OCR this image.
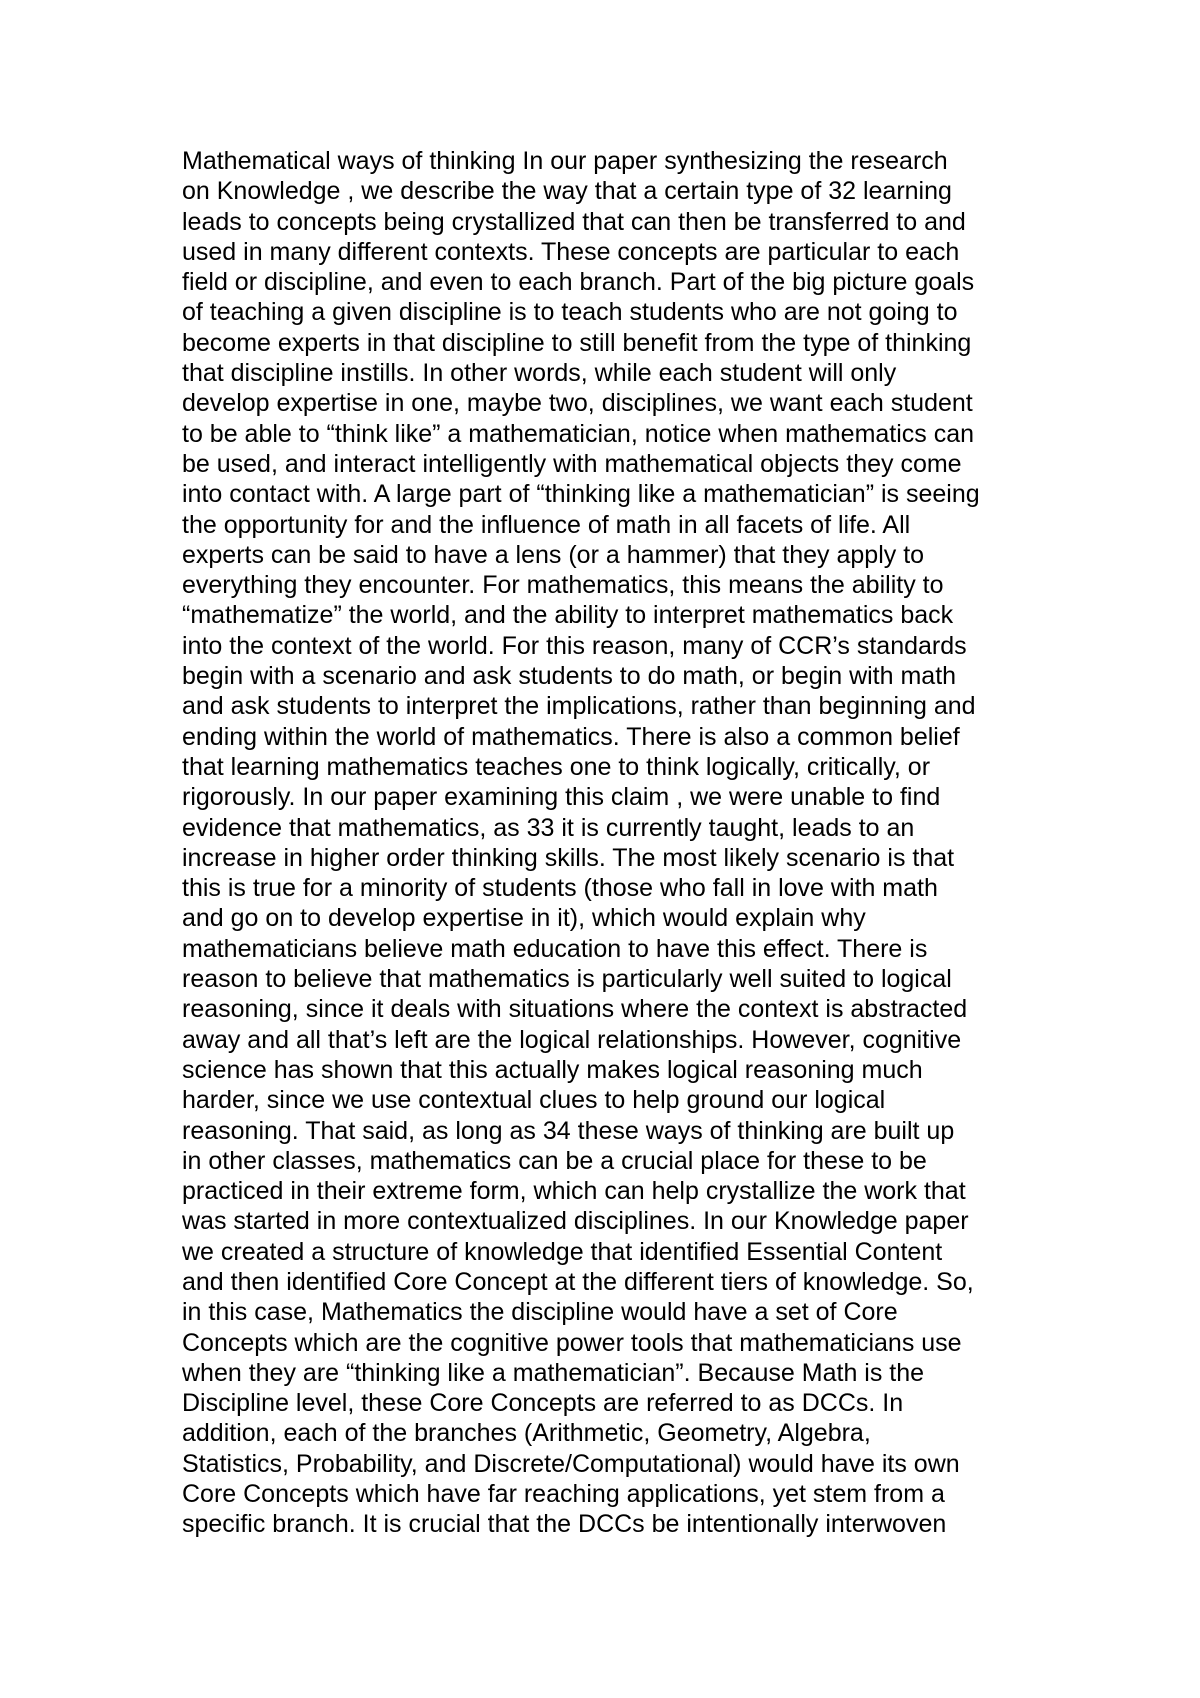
Mathematical ways of thinking In our paper synthesizing the research
on Knowledge , we describe the way that a certain type of 32 learning
leads to concepts being crystallized that can then be transferred to and
used in many different contexts. These concepts are particular to each
field or discipline, and even to each branch. Part of the big picture goals
of teaching a given discipline is to teach students who are not going to
become experts in that discipline to still benefit from the type of thinking
that discipline instills. In other words, while each student will only
develop expertise in one, maybe two, disciplines, we want each student
to be able to “think like” a mathematician, notice when mathematics can
be used, and interact intelligently with mathematical objects they come
into contact with. A large part of “thinking like a mathematician” is seeing
the opportunity for and the influence of math in all facets of life. All
experts can be said to have a lens (or a hammer) that they apply to
everything they encounter. For mathematics, this means the ability to
“mathematize” the world, and the ability to interpret mathematics back
into the context of the world. For this reason, many of CCR’s standards
begin with a scenario and ask students to do math, or begin with math
and ask students to interpret the implications, rather than beginning and
ending within the world of mathematics. There is also a common belief
that learning mathematics teaches one to think logically, critically, or
rigorously. In our paper examining this claim , we were unable to find
evidence that mathematics, as 33 it is currently taught, leads to an
increase in higher order thinking skills. The most likely scenario is that
this is true for a minority of students (those who fall in love with math
and go on to develop expertise in it), which would explain why
mathematicians believe math education to have this effect. There is
reason to believe that mathematics is particularly well suited to logical
reasoning, since it deals with situations where the context is abstracted
away and all that’s left are the logical relationships. However, cognitive
science has shown that this actually makes logical reasoning much
harder, since we use contextual clues to help ground our logical
reasoning. That said, as long as 34 these ways of thinking are built up
in other classes, mathematics can be a crucial place for these to be
practiced in their extreme form, which can help crystallize the work that
was started in more contextualized disciplines. In our Knowledge paper
we created a structure of knowledge that identified Essential Content
and then identified Core Concept at the different tiers of knowledge. So,
in this case, Mathematics the discipline would have a set of Core
Concepts which are the cognitive power tools that mathematicians use
when they are “thinking like a mathematician”. Because Math is the
Discipline level, these Core Concepts are referred to as DCCs. In
addition, each of the branches (Arithmetic, Geometry, Algebra,
Statistics, Probability, and Discrete/Computational) would have its own
Core Concepts which have far reaching applications, yet stem from a
specific branch. It is crucial that the DCCs be intentionally interwoven
